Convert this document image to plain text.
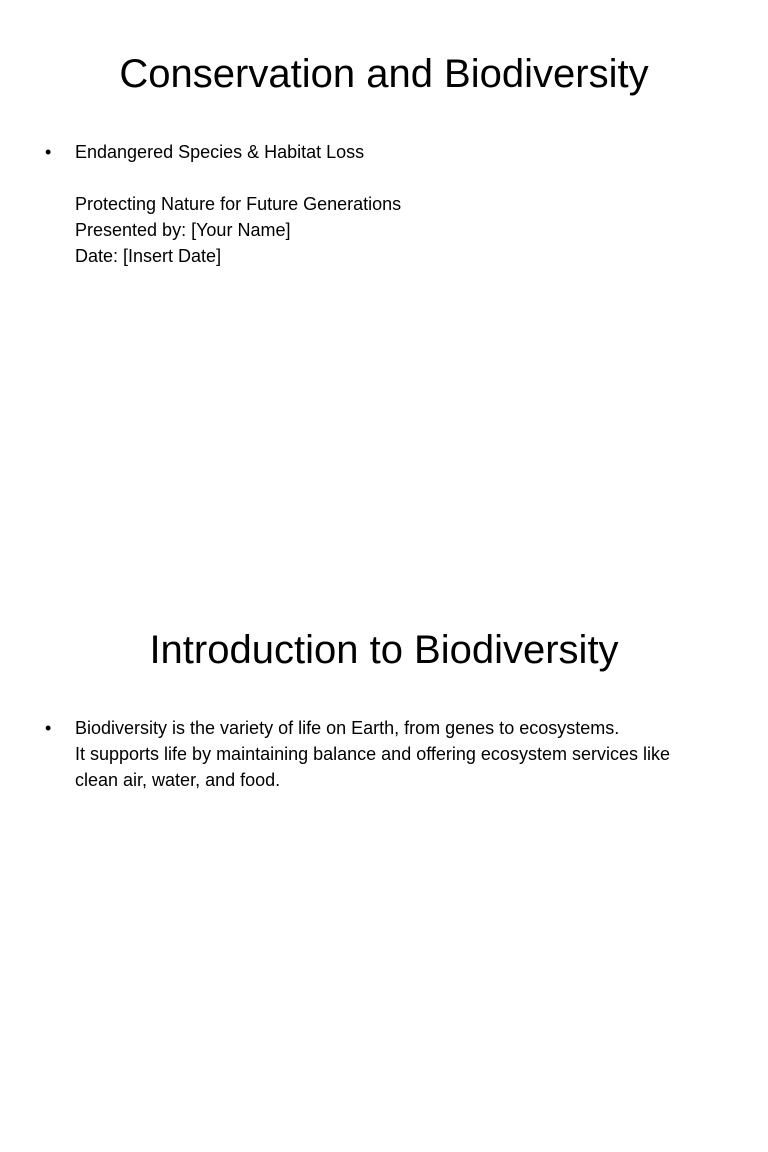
Conservation and Biodiversity
•	Endangered Species & Habitat Loss
Protecting Nature for Future Generations
Presented by: [Your Name]
Date: [Insert Date]
Introduction to Biodiversity
•	Biodiversity is the variety of life on Earth, from genes to ecosystems.
It supports life by maintaining balance and offering ecosystem services like
clean air, water, and food.
